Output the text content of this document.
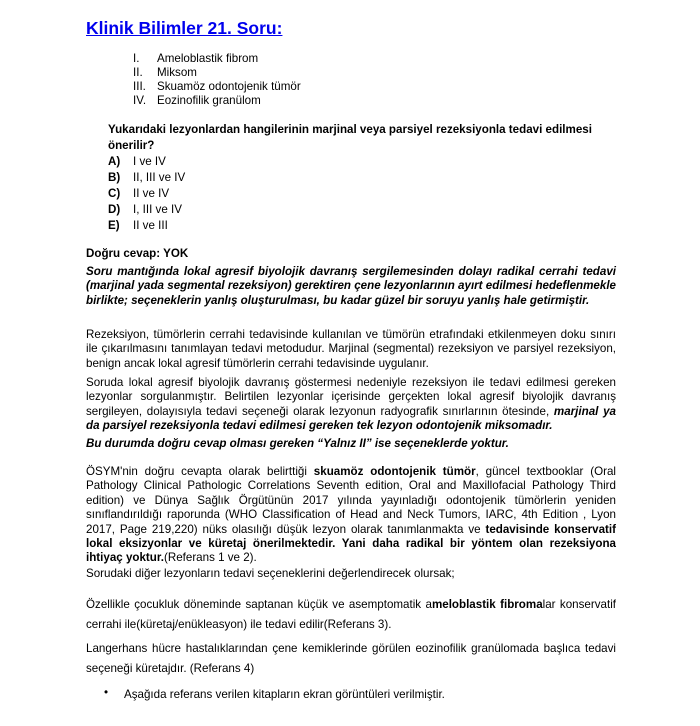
Klinik Bilimler 21. Soru:
I. Ameloblastik fibrom
II. Miksom
III. Skuamöz odontojenik tümör
IV. Eozinofilik granülom
Yukarıdaki lezyonlardan hangilerinin marjinal veya parsiyel rezeksiyonla tedavi edilmesi önerilir?
A) I ve IV
B) II, III ve IV
C) II ve IV
D) I, III ve IV
E) II ve III
Doğru cevap: YOK
Soru mantığında lokal agresif biyolojik davranış sergilemesinden dolayı radikal cerrahi tedavi (marjinal yada segmental rezeksiyon) gerektiren çene lezyonlarının ayırt edilmesi hedeflenmekle birlikte; seçeneklerin yanlış oluşturulması, bu kadar güzel bir soruyu yanlış hale getirmiştir.
Rezeksiyon, tümörlerin cerrahi tedavisinde kullanılan ve tümörün etrafındaki etkilenmeyen doku sınırı ile çıkarılmasını tanımlayan tedavi metodudur. Marjinal (segmental) rezeksiyon ve parsiyel rezeksiyon, benign ancak lokal agresif tümörlerin cerrahi tedavisinde uygulanır.
Soruda lokal agresif biyolojik davranış göstermesi nedeniyle rezeksiyon ile tedavi edilmesi gereken lezyonlar sorgulanmıştır. Belirtilen lezyonlar içerisinde gerçekten lokal agresif biyolojik davranış sergileyen, dolayısıyla tedavi seçeneği olarak lezyonun radyografik sınırlarının ötesinde, marjinal ya da parsiyel rezeksiyonla tedavi edilmesi gereken tek lezyon odontojenik miksomadır.
Bu durumda doğru cevap olması gereken “Yalnız II” ise seçeneklerde yoktur.
ÖSYM'nin doğru cevapta olarak belirttiği skuamöz odontojenik tümör, güncel textbooklar (Oral Pathology Clinical Pathologic Correlations Seventh edition, Oral and Maxillofacial Pathology Third edition) ve Dünya Sağlık Örgütünün 2017 yılında yayınladığı odontojenik tümörlerin yeniden sınıflandırıldığı raporunda (WHO Classification of Head and Neck Tumors, IARC, 4th Edition , Lyon 2017, Page 219,220) nüks olasılığı düşük lezyon olarak tanımlanmakta ve tedavisinde konservatif lokal eksizyonlar ve küretaj önerilmektedir. Yani daha radikal bir yöntem olan rezeksiyona ihtiyaç yoktur.(Referans 1 ve 2).
Sorudaki diğer lezyonların tedavi seçeneklerini değerlendirecek olursak;
Özellikle çocukluk döneminde saptanan küçük ve asemptomatik ameloblastik fibromalar konservatif cerrahi ile(küretaj/enükleasyon) ile tedavi edilir(Referans 3).
Langerhans hücre hastalıklarından çene kemiklerinde görülen eozinofilik granülomada başlıca tedavi seçeneği küretajdır. (Referans 4)
• Aşağıda referans verilen kitapların ekran görüntüleri verilmiştir.
